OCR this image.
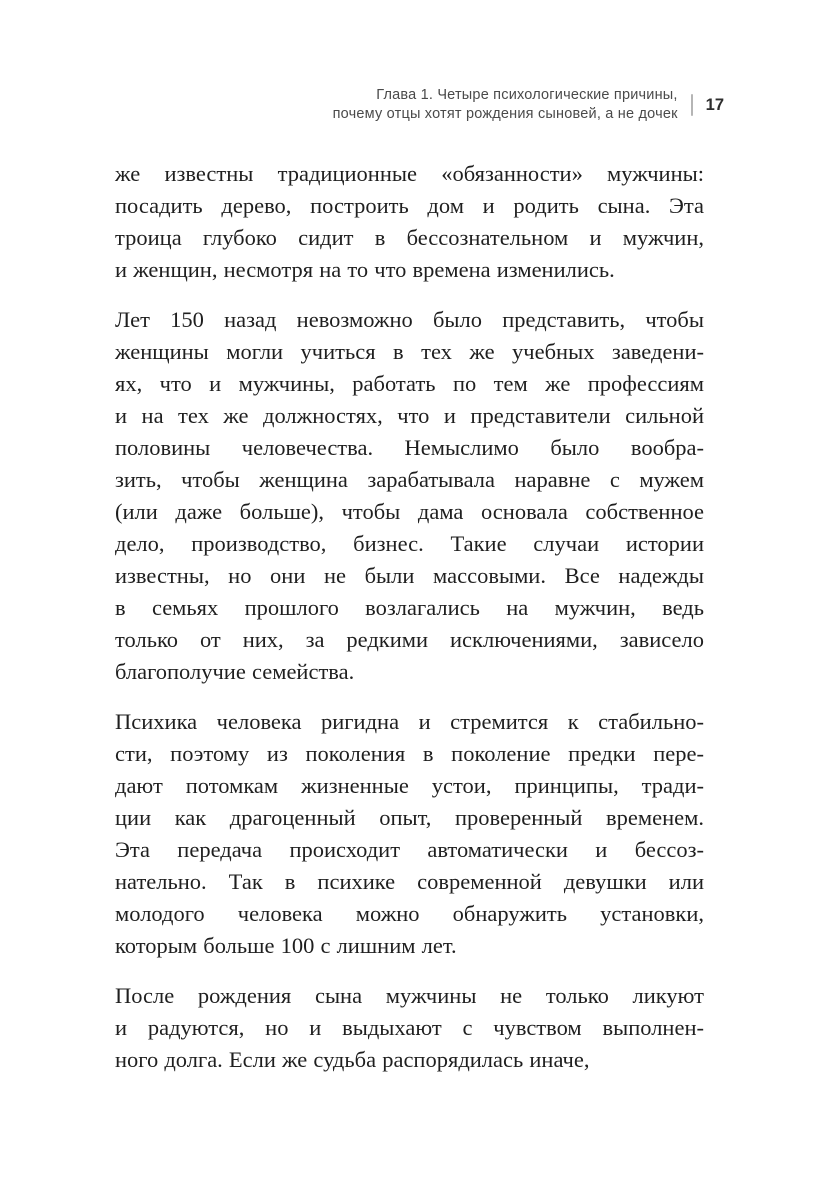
Глава 1. Четыре психологические причины,
почему отцы хотят рождения сыновей, а не дочек
17
же известны традиционные «обязанности» мужчины:
посадить дерево, построить дом и родить сына. Эта
троица глубоко сидит в бессознательном и мужчин,
и женщин, несмотря на то что времена изменились.
Лет 150 назад невозможно было представить, чтобы
женщины могли учиться в тех же учебных заведени-
ях, что и мужчины, работать по тем же профессиям
и на тех же должностях, что и представители сильной
половины человечества. Немыслимо было вообра-
зить, чтобы женщина зарабатывала наравне с мужем
(или даже больше), чтобы дама основала собственное
дело, производство, бизнес. Такие случаи истории
известны, но они не были массовыми. Все надежды
в семьях прошлого возлагались на мужчин, ведь
только от них, за редкими исключениями, зависело
благополучие семейства.
Психика человека ригидна и стремится к стабильно-
сти, поэтому из поколения в поколение предки пере-
дают потомкам жизненные устои, принципы, тради-
ции как драгоценный опыт, проверенный временем.
Эта передача происходит автоматически и бессоз-
нательно. Так в психике современной девушки или
молодого человека можно обнаружить установки,
которым больше 100 с лишним лет.
После рождения сына мужчины не только ликуют
и радуются, но и выдыхают с чувством выполнен-
ного долга. Если же судьба распорядилась иначе,
